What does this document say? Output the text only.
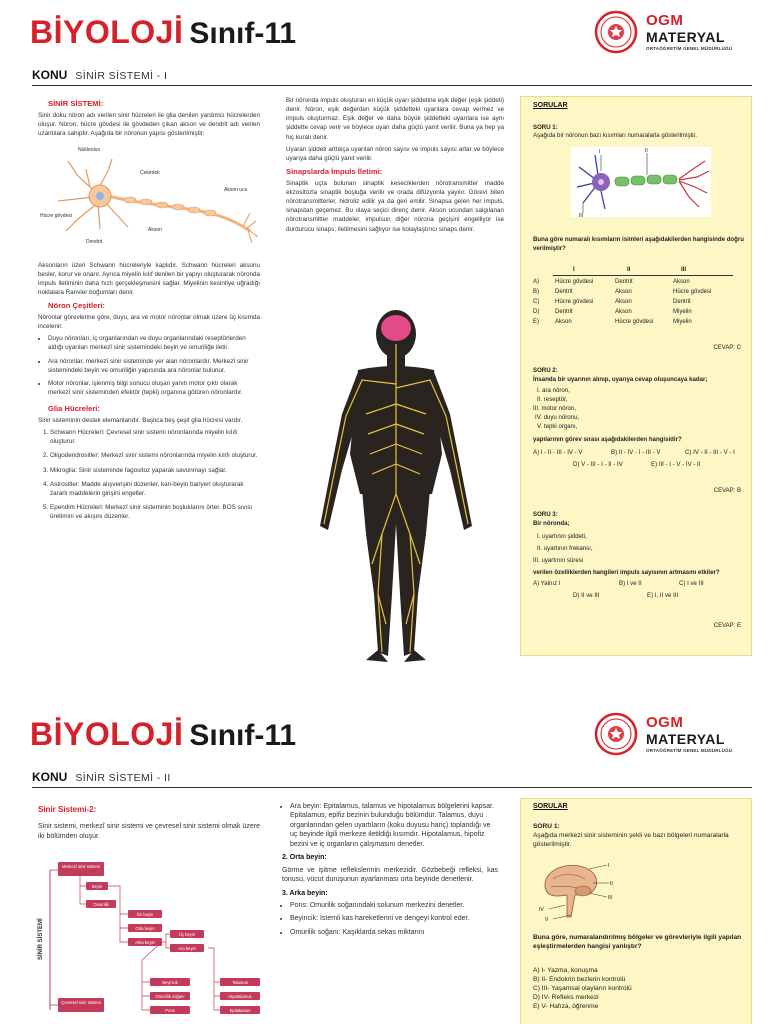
BİYOLOJİ Sınıf-11	OGM
MATERYAL
ORTAÖĞRETİM GENEL MÜDÜRLÜĞÜ
KONU SİNİR SİSTEMİ - I
SİNİR SİSTEMİ:

Sinir doku nöron adı verilen sinir hücreleri ile glia denilen yardımcı hücrelerden oluşur. Nöron, hücre gövdesi ile gövdeden çıkan akson ve dendrit adı verilen uzantılara sahiptir. Aşağıda bir nöronun yapısı gösterilmiştir:

Nükleolus
Çekirdek
Hücre gövdesi
Dendrit
Akson ucu
Akson

Aksonların üzeri Schwann hücreleriyle kaplıdır. Schwann hücreleri aksonu besler, korur ve onarır. Ayrıca miyelin kılıf denilen bir yapıyı oluşturarak nöronda impuls iletiminin daha hızlı gerçekleşmesini sağlar. Miyelinin kesintiye uğradığı noktalara Ranvier boğumları denir.

Nöron Çeşitleri:

Nöronlar görevlerine göre, duyu, ara ve motor nöronlar olmak üzere üç kısımda incelenir.

• Duyu nöronları, iç organlarından ve duyu organlarındaki reseptörlerden aldığı uyarıları merkezî sinir sistemindeki beyin ve omuriliğe iletir.
• Ara nöronlar, merkezî sinir sisteminde yer alan nöronlardır. Merkezî sinir sistemindeki beyin ve omuriliğin yapısında ara nöronlar bulunur.
• Motor nöronlar, işlenmiş bilgi sonucu oluşan yanıtı motor çıktı olarak merkezî sinir sisteminden efektör (tepki) organına götüren nöronlardır.
Glia Hücreleri:

Sinir sisteminin destek elemanlarıdır. Başlıca beş çeşit glia hücresi vardır.

1. Schwann Hücreleri: Çevresel sinir sistemi nöronlarında miyelin kılıfı oluşturur.
2. Oligodendrositler: Merkezî sinir sistemi nöronlarında miyelin kılıfı oluşturur.
3. Mikroglia: Sinir sisteminde fagositoz yaparak savunmayı sağlar.
4. Astrositler: Madde alışverişini düzenler, kan-beyin bariyeri oluşturarak zararlı maddelerin girişini engeller.
5. Ependim Hücreleri: Merkezî sinir sisteminin boşluklarını örter. BOS sıvısı üretimini ve akışını düzenler.

Bir nöronda impuls oluşturan en küçük uyarı şiddetine eşik değer (eşik şiddeti) denir. Nöron, eşik değerden küçük şiddetteki uyarılara cevap vermez ve impuls oluşturmaz. Eşik değer ve daha büyük şiddetteki uyarılara ise aynı şiddette cevap verir ve böylece uyarı daha güçlü yanıt verilir. Buna ya hep ya hiç kuralı denir.

Uyaran şiddeti arttıkça uyarılan nöron sayısı ve impuls sayısı artar ve böylece uyarıya daha güçlü yanıt verilir.

Sinapslarda İmpuls İletimi:

Sinaptik uçta bulunan sinaptik keseciklerden nörotransmitter madde ekzositozla sinaptik boşluğa verilir ve orada difüzyonla yayılır. Görevi biten nörotransmitterler, hidroliz edilir ya da geri emilir. Sinapsa gelen her impuls, sinapstan geçemez. Bu olaya seçici direnç denir. Akson ucundan salgılanan nörotransmitter maddeler, impulsun diğer nörona geçişini engelliyor ise durdurucu sinaps; iletilmesini sağlıyor ise kolaylaştırıcı sinaps denir.

SORULAR
SORU 1:
Aşağıda bir nöronun bazı kısımları numaralarla gösterilmiştir.
I	II
III
Buna göre numaralı kısımların isimleri aşağıdakilerden hangisinde doğru verilmiştir?
I	II	III
A)	Hücre gövdesi	Dentrit	Akson
B)	Dentrit	Akson	Hücre gövdesi
C)	Hücre gövdesi	Akson	Dentrit
D)	Dentrit	Akson	Miyelin
E)	Akson	Hücre gövdesi	Miyelin
CEVAP: C
SORU 2:
İnsanda bir uyarının alınıp, uyarıya cevap oluşuncaya kadar;
I. ara nöron,
II. reseptör,
III. motor nöron,
IV. duyu nöronu,
V. tepki organı,
yapılarının görev sırası aşağıdakilerden hangisidir?
A) I - II - III - IV - V	B) II - IV - I - III - V	C) IV - II - III - V - I
D) V - III - I - II - IV	E) III - I - V - IV - II
CEVAP: B
SORU 3:
Bir nöronda;
I. uyartının şiddeti,
II. uyartının frekansı,
III. uyartının süresi
verilen özelliklerden hangileri impuls sayısının artmasını etkiler?
A) Yalnız I	B) I ve II	C) I ve III
D) II ve III	E) I, II ve III
CEVAP: E
BİYOLOJİ Sınıf-11	OGM
MATERYAL
ORTAÖĞRETİM GENEL MÜDÜRLÜĞÜ
KONU SİNİR SİSTEMİ - II
Sinir Sistemi-2:

Sinir sistemi, merkezî sinir sistemi ve çevresel sinir sistemi olmak üzere iki bölümden oluşur.

SİNİR SİSTEMİ
Merkezî sinir sistemi
Beyin
Omurilik
Ön beyin
Orta beyin
Arka beyin
Üç beyin
Ara beyin
Beyincik
Omurilik soğanı
Pons
Talamus
Hipotalamus
Epitalamus
Çevresel sinir sistemi
• Ara beyin: Epitalamus, talamus ve hipotalamus bölgelerini kapsar. Epitalamus, epifiz bezinin bulunduğu bölümdür. Talamus, duyu organlarından gelen uyartıların (koku duyusu hariç) toplandığı ve uç beyinde ilgili merkeze iletildiği kısımdır. Hipotalamus, hipofiz bezini ve iç organların çalışmasını denetler.

2. Orta beyin:

Görme ve işitme reflekslerinin merkezidir. Gözbebeği refleksi, kas tonusu, vücut duruşunun ayarlanması orta beyinde denetlenir.

3. Arka beyin:

• Pons: Omurilik soğanındaki solunum merkezini denetler.
• Beyincik: İstemli kas hareketlerini ve dengeyi kontrol eder.
• Omurilik soğanı: Kaşıklarda sekas miktarını
SORULAR
SORU 1:
Aşağıda merkezi sinir sisteminin şekli ve bazı bölgeleri numaralarla gösterilmiştir.
I
II
III
IV
V
Buna göre, numaralandırılmış bölgeler ve görevleriyle ilgili yapılan eşleştirmelerden hangisi yanlıştır?
A) I- Yazma, konuşma
B) II- Endokrin bezlerin kontrolü
C) III- Yaşamsal olayların kontrolü
D) IV- Refleks merkezi
E) V- Hafıza, öğrenme
